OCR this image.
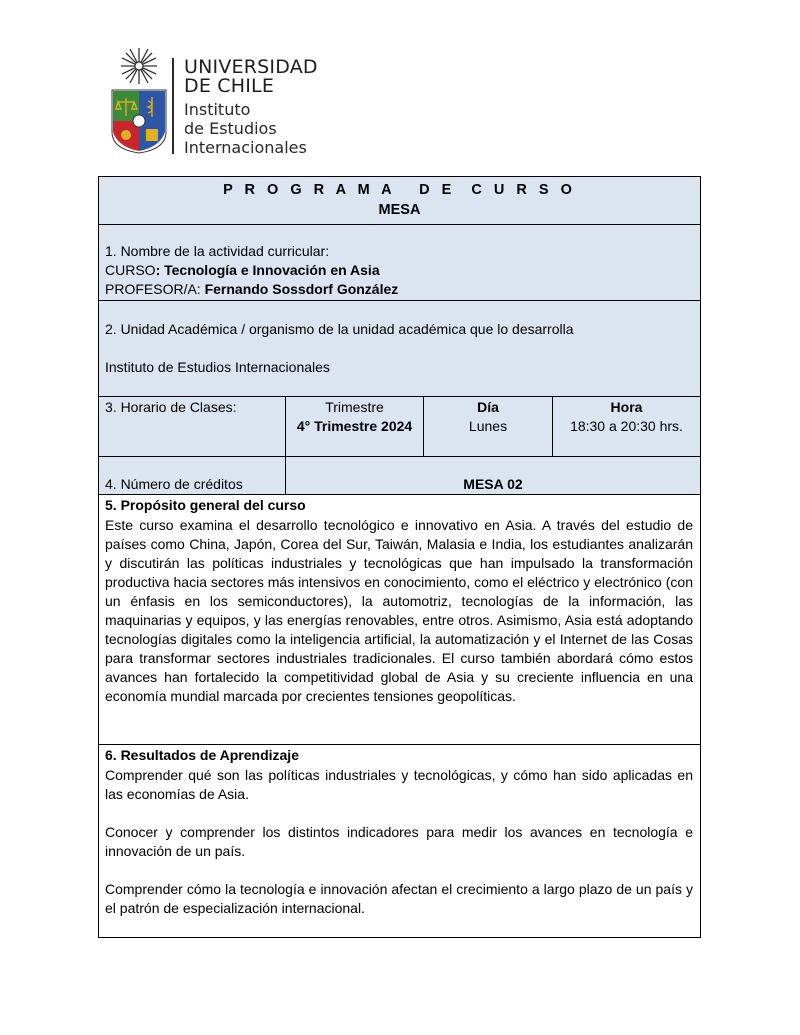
UNIVERSIDAD
DE CHILE
Instituto
de Estudios
Internacionales
P R O G R A M A   D E  C U R S O
MESA
1. Nombre de la actividad curricular:
CURSO: Tecnología e Innovación en Asia
PROFESOR/A: Fernando Sossdorf González
2. Unidad Académica / organismo de la unidad académica que lo desarrolla
Instituto de Estudios Internacionales
3. Horario de Clases:	Trimestre
4° Trimestre 2024
Día
Lunes
Hora
18:30 a 20:30 hrs.
4. Número de créditos	MESA 02
5. Propósito general del curso
Este curso examina el desarrollo tecnológico e innovativo en Asia. A través del estudio de países como China, Japón, Corea del Sur, Taiwán, Malasia e India, los estudiantes analizarán y discutirán las políticas industriales y tecnológicas que han impulsado la transformación productiva hacia sectores más intensivos en conocimiento, como el eléctrico y electrónico (con un énfasis en los semiconductores), la automotriz, tecnologías de la información, las maquinarias y equipos, y las energías renovables, entre otros. Asimismo, Asia está adoptando tecnologías digitales como la inteligencia artificial, la automatización y el Internet de las Cosas para transformar sectores industriales tradicionales. El curso también abordará cómo estos avances han fortalecido la competitividad global de Asia y su creciente influencia en una economía mundial marcada por crecientes tensiones geopolíticas.
6. Resultados de Aprendizaje
Comprender qué son las políticas industriales y tecnológicas, y cómo han sido aplicadas en las economías de Asia.
Conocer y comprender los distintos indicadores para medir los avances en tecnología e innovación de un país.
Comprender cómo la tecnología e innovación afectan el crecimiento a largo plazo de un país y el patrón de especialización internacional.
